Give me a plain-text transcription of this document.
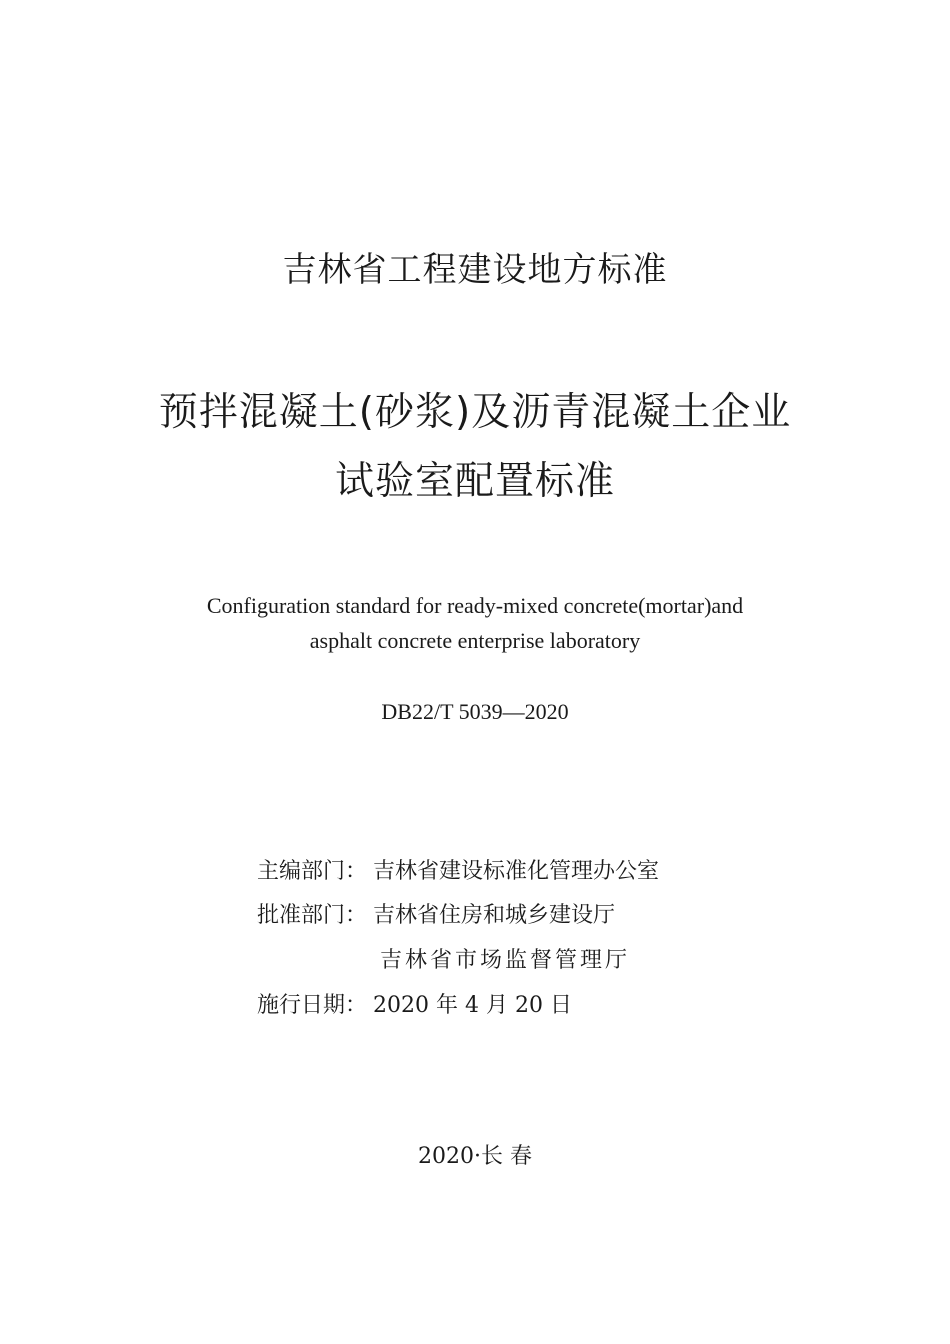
吉林省工程建设地方标准
预拌混凝土(砂浆)及沥青混凝土企业
试验室配置标准
Configuration standard for ready-mixed concrete(mortar)and
asphalt concrete enterprise laboratory
DB22/T 5039—2020
主编部门： 吉林省建设标准化管理办公室
批准部门： 吉林省住房和城乡建设厅
吉林省市场监督管理厅
施行日期： 2020 年 4 月 20 日
2020·长 春
